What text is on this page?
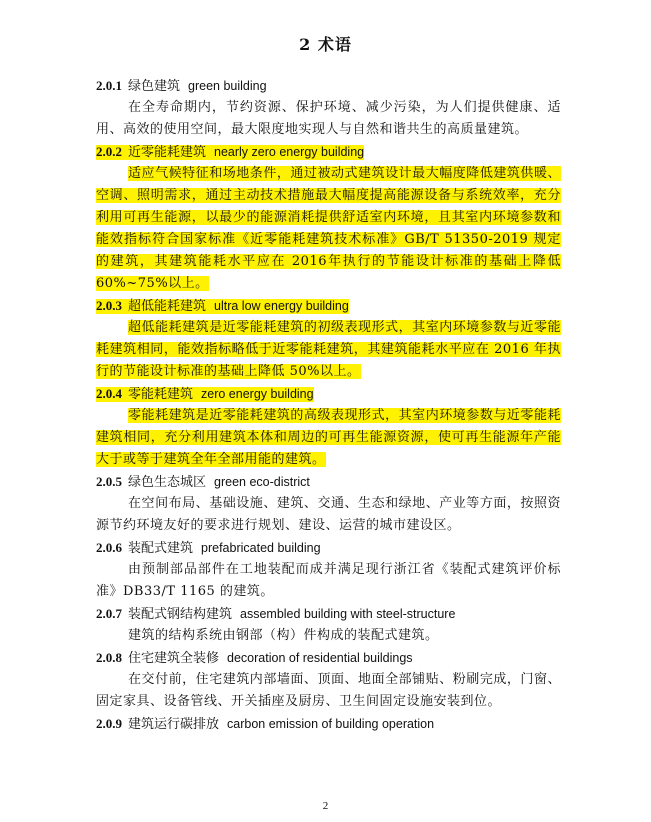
2 术语
2.0.1 绿色建筑 green building

在全寿命期内，节约资源、保护环境、减少污染，为人们提供健康、适用、高效的使用空间，最大限度地实现人与自然和谐共生的高质量建筑。

2.0.2 近零能耗建筑 nearly zero energy building

适应气候特征和场地条件，通过被动式建筑设计最大幅度降低建筑供暖、空调、照明需求，通过主动技术措施最大幅度提高能源设备与系统效率，充分利用可再生能源，以最少的能源消耗提供舒适室内环境，且其室内环境参数和能效指标符合国家标准《近零能耗建筑技术标准》GB/T 51350-2019 规定的建筑，其建筑能耗水平应在 2016年执行的节能设计标准的基础上降低 60%~75%以上。

2.0.3 超低能耗建筑 ultra low energy building

超低能耗建筑是近零能耗建筑的初级表现形式，其室内环境参数与近零能耗建筑相同，能效指标略低于近零能耗建筑，其建筑能耗水平应在 2016 年执行的节能设计标准的基础上降低 50%以上。

2.0.4 零能耗建筑 zero energy building

零能耗建筑是近零能耗建筑的高级表现形式，其室内环境参数与近零能耗建筑相同，充分利用建筑本体和周边的可再生能源资源，使可再生能源年产能大于或等于建筑全年全部用能的建筑。

2.0.5 绿色生态城区 green eco-district

在空间布局、基础设施、建筑、交通、生态和绿地、产业等方面，按照资源节约环境友好的要求进行规划、建设、运营的城市建设区。

2.0.6 装配式建筑 prefabricated building

由预制部品部件在工地装配而成并满足现行浙江省《装配式建筑评价标准》DB33/T 1165 的建筑。

2.0.7 装配式钢结构建筑 assembled building with steel-structure

建筑的结构系统由钢部（构）件构成的装配式建筑。

2.0.8 住宅建筑全装修 decoration of residential buildings

在交付前，住宅建筑内部墙面、顶面、地面全部铺贴、粉刷完成，门窗、固定家具、设备管线、开关插座及厨房、卫生间固定设施安装到位。

2.0.9 建筑运行碳排放 carbon emission of building operation
2
